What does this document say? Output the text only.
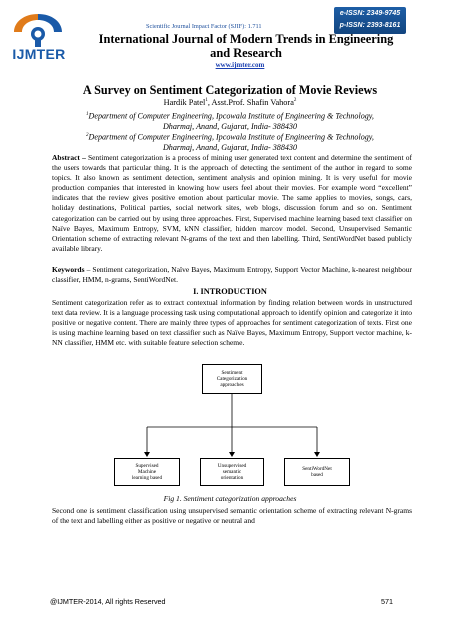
IJMTER
Scientific Journal Impact Factor (SJIF): 1.711
e-ISSN: 2349-9745
p-ISSN: 2393-8161
International Journal of Modern Trends in Engineering
and Research
www.ijmter.com
A Survey on Sentiment Categorization of Movie Reviews
Hardik Patel$^1$, Asst.Prof. Shafin Vahora$^2$
$^1$Department of Computer Engineering, Ipcowala Institute of Engineering & Technology,
Dharmaj, Anand, Gujarat, India- 388430
$^2$Department of Computer Engineering, Ipcowala Institute of Engineering & Technology,
Dharmaj, Anand, Gujarat, India- 388430
Abstract – Sentiment categorization is a process of mining user generated text content and determine the sentiment of the users towards that particular thing. It is the approach of detecting the sentiment of the author in regard to some topics. It also known as sentiment detection, sentiment analysis and opinion mining. It is very useful for movie production companies that interested in knowing how users feel about their movies. For example word “excellent” indicates that the review gives positive emotion about particular movie. The same applies to movies, songs, cars, holiday destinations, Political parties, social network sites, web blogs, discussion forum and so on. Sentiment categorization can be carried out by using three approaches. First, Supervised machine learning based text classifier on Naïve Bayes, Maximum Entropy, SVM, kNN classifier, hidden marcov model. Second, Unsupervised Semantic Orientation scheme of extracting relevant N-grams of the text and then labelling. Third, SentiWordNet based publicly available library.
Keywords – Sentiment categorization, Naïve Bayes, Maximum Entropy, Support Vector Machine, k-nearest neighbour classifier, HMM, n-grams, SentiWordNet.
I. INTRODUCTION
Sentiment categorization refer as to extract contextual information by finding relation between words in unstructured text data review. It is a language processing task using computational approach to identify opinion and categorize it into positive or negative content. There are mainly three types of approaches for sentiment categorization of texts. First one is using machine learning based on text classifier such as Naïve Bayes, Maximum Entropy, Support vector machine, k-NN classifier, HMM etc. with suitable feature selection scheme.
Sentiment
Categorization
approaches
Supervised
Machine
learning based
Unsupervised
semantic
orientation
SentiWordNet
based
Fig 1. Sentiment categorization approaches
Second one is sentiment classification using unsupervised semantic orientation scheme of extracting relevant N-grams of the text and labelling either as positive or negative or neutral and
@IJMTER-2014, All rights Reserved	571
